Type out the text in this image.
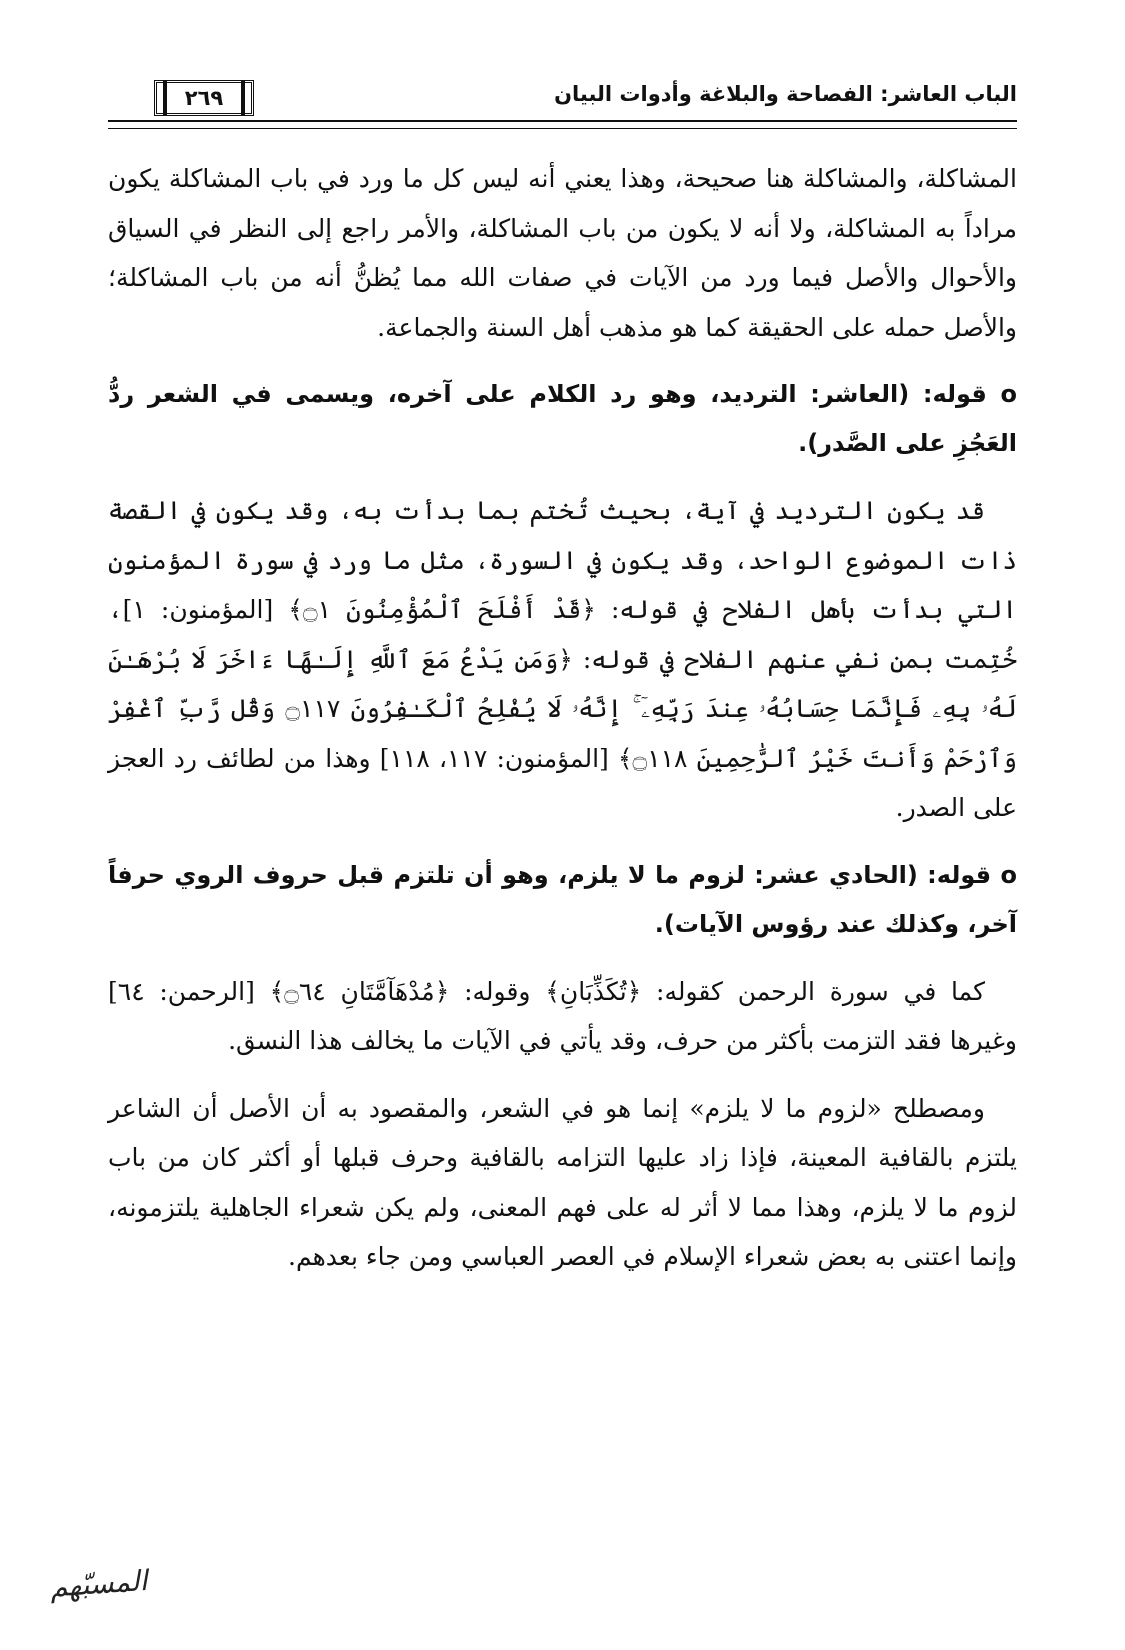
الباب العاشر: الفصاحة والبلاغة وأدوات البيان
٢٦٩

المشاكلة، والمشاكلة هنا صحيحة، وهذا يعني أنه ليس كل ما ورد في باب المشاكلة يكون مراداً به المشاكلة، ولا أنه لا يكون من باب المشاكلة، والأمر راجع إلى النظر في السياق والأحوال والأصل فيما ورد من الآيات في صفات الله مما يُظنُّ أنه من باب المشاكلة؛ والأصل حمله على الحقيقة كما هو مذهب أهل السنة والجماعة.

o قوله: (العاشر: الترديد، وهو رد الكلام على آخره، ويسمى في الشعر ردُّ العَجُزِ على الصَّدر).

قد يكون الترديد في آية، بحيث تُختم بما بدأت به، وقد يكون في القصة ذات الموضوع الواحد، وقد يكون في السورة، مثل ما ورد في سورة المؤمنون التي بدأت بأهل الفلاح في قوله: ﴿قَدْ أَفْلَحَ ٱلْمُؤْمِنُونَ ۝١﴾ [المؤمنون: ١]، خُتِمت بمن نفي عنهم الفلاح في قوله: ﴿وَمَن يَدْعُ مَعَ ٱللَّهِ إِلَـٰهًا ءَاخَرَ لَا بُرْهَـٰنَ لَهُۥ بِهِۦ فَإِنَّمَا حِسَابُهُۥ عِندَ رَبِّهِۦٓ ۚ إِنَّهُۥ لَا يُفْلِحُ ٱلْكَـٰفِرُونَ ۝١١٧ وَقُل رَّبِّ ٱغْفِرْ وَٱرْحَمْ وَأَنتَ خَيْرُ ٱلرَّٰحِمِينَ ۝١١٨﴾ [المؤمنون: ١١٧، ١١٨] وهذا من لطائف رد العجز على الصدر.

o قوله: (الحادي عشر: لزوم ما لا يلزم، وهو أن تلتزم قبل حروف الروي حرفاً آخر، وكذلك عند رؤوس الآيات).

كما في سورة الرحمن كقوله: ﴿تُكَذِّبَانِ﴾ وقوله: ﴿مُدْهَآمَّتَانِ ۝٦٤﴾ [الرحمن: ٦٤] وغيرها فقد التزمت بأكثر من حرف، وقد يأتي في الآيات ما يخالف هذا النسق.

ومصطلح «لزوم ما لا يلزم» إنما هو في الشعر، والمقصود به أن الأصل أن الشاعر يلتزم بالقافية المعينة، فإذا زاد عليها التزامه بالقافية وحرف قبلها أو أكثر كان من باب لزوم ما لا يلزم، وهذا مما لا أثر له على فهم المعنى، ولم يكن شعراء الجاهلية يلتزمونه، وإنما اعتنى به بعض شعراء الإسلام في العصر العباسي ومن جاء بعدهم.

المسبّهم
